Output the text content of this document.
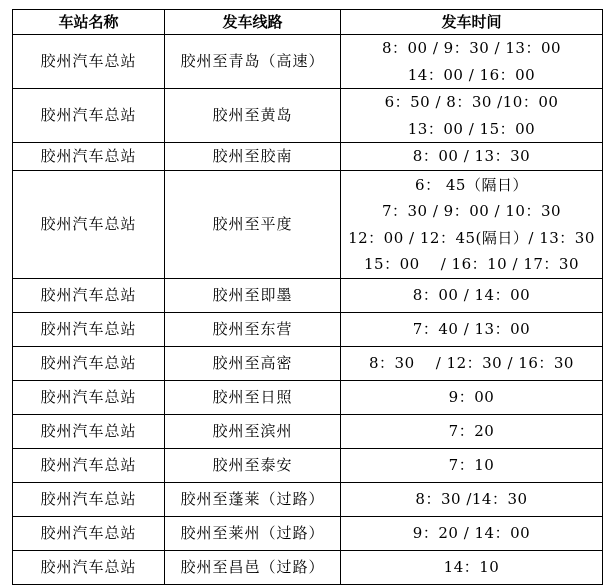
车站名称	发车线路	发车时间
胶州汽车总站	胶州至青岛（高速）	8：00 / 9：30 / 13：00
14：00 / 16：00

胶州汽车总站	胶州至黄岛	6：50 / 8：30 /10：00
13：00 / 15：00

胶州汽车总站	胶州至胶南	8：00 / 13：30

胶州汽车总站	胶州至平度	6： 45（隔日）
7：30 / 9：00 / 10：30
12：00 / 12：45(隔日）/ 13：30
15：00    / 16：10 / 17：30

胶州汽车总站	胶州至即墨	8：00 / 14：00

胶州汽车总站	胶州至东营	7：40 / 13：00

胶州汽车总站	胶州至高密	8：30    / 12：30 / 16：30

胶州汽车总站	胶州至日照	9：00

胶州汽车总站	胶州至滨州	7：20

胶州汽车总站	胶州至泰安	7：10

胶州汽车总站	胶州至蓬莱（过路）	8：30 /14：30

胶州汽车总站	胶州至莱州（过路）	9：20 / 14：00

胶州汽车总站	胶州至昌邑（过路）	14：10
